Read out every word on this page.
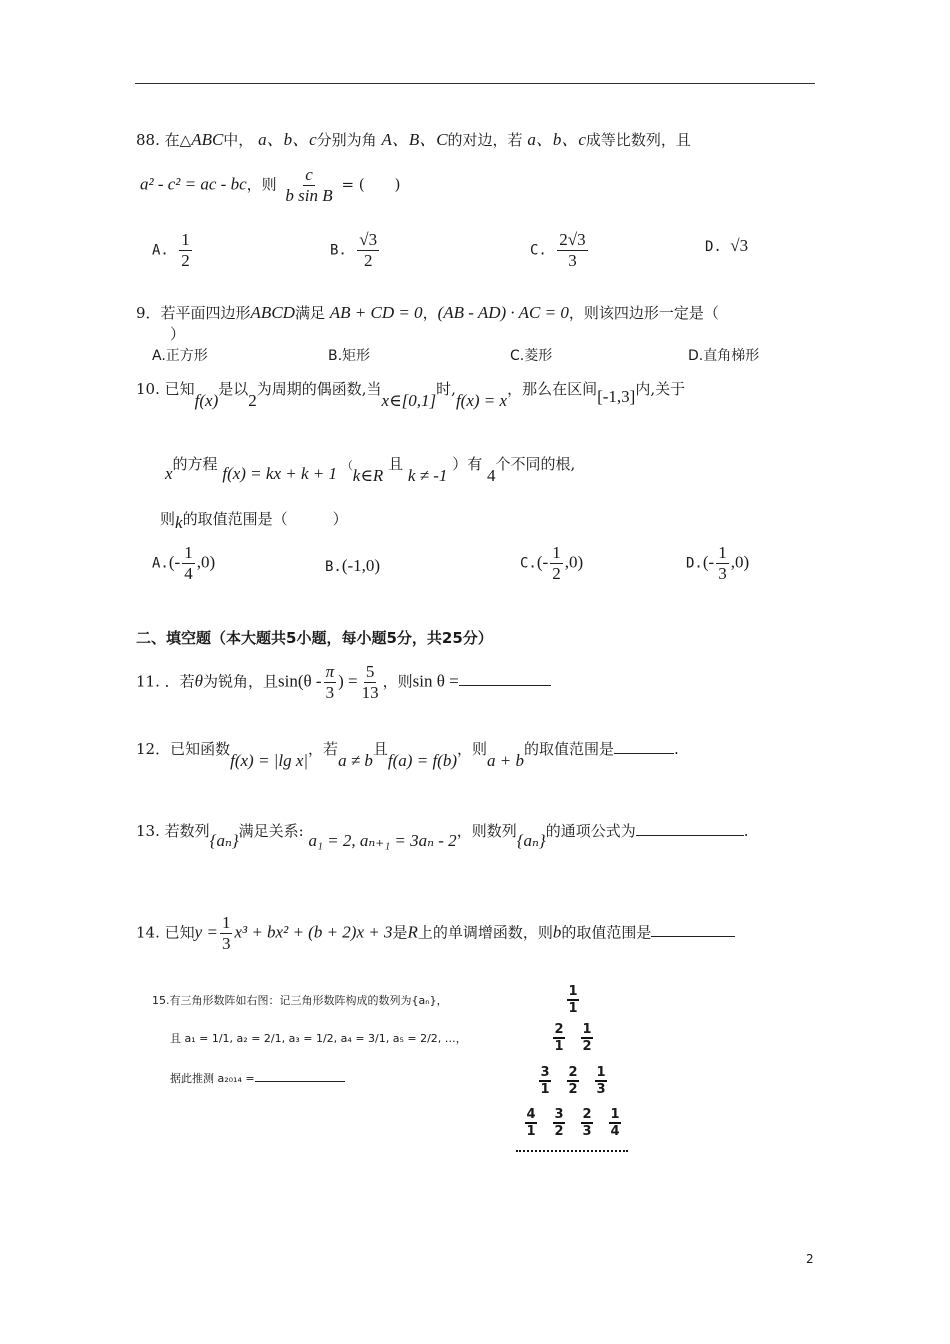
88. 在△ABC中， a、b、c分别为角 A、B、C的对边，若 a、b、c成等比数列，且
a² - c² = ac - bc，则 $\frac{c}{\text{b sin B}}$ = (　　)
A. $\frac{1}{2}$	B. $\frac{√3}{2}$	C. $\frac{2√3}{3}$	D. √3
9．若平面四边形ABCD满足 AB + CD = 0，(AB - AD) · AC = 0，则该四边形一定是（
）
A.正方形	B.矩形	C.菱形	D.直角梯形
10. 已知f(x)是以2为周期的偶函数,当x∈[0,1]时,f(x) = x，那么在区间[-1,3]内,关于
x的方程 f(x) = kx + k + 1 （k∈R 且 k ≠ -1 ）有 4个不同的根,
则k的取值范围是（　　　）
$A.(- \frac{1}{4} ,0)$	B.(-1,0)	$C.(- \frac{1}{2} ,0)$	$D.(- \frac{1}{3} ,0)$
二、填空题（本大题共5小题，每小题5分，共25分）
11. ．若θ为锐角，且$\sin(\theta - \frac{\pi}{3}$ ) = $\frac{5}{13}$ ，则sin θ =
12．已知函数f(x) = |lg x|，若a ≠ b且f(a) = f(b)，则a + b的取值范围是	.
13. 若数列{aₙ}满足关系: a₁ = 2, aₙ₊₁ = 3aₙ - 2，则数列{aₙ}的通项公式为	.
14. 已知$y = \frac{1}{3} x^3 + bx^2 + (b + 2)x + 3$是R上的单调增函数，则b的取值范围是
15.有三角形数阵如右图：记三角形数阵构成的数列为{aₙ}，
且 a₁ = 1/1, a₂ = 2/1, a₃ = 1/2, a₄ = 3/1, a₅ = 2/2, …，
据此推测 a₂₀₁₄ =
$\frac{1}{1}$
$\frac{2}{1} \frac{1}{2}$
$\frac{3}{1} \frac{2}{2} \frac{1}{3}$
$\frac{4}{1} \frac{3}{2} \frac{2}{3} \frac{1}{4}$
2
